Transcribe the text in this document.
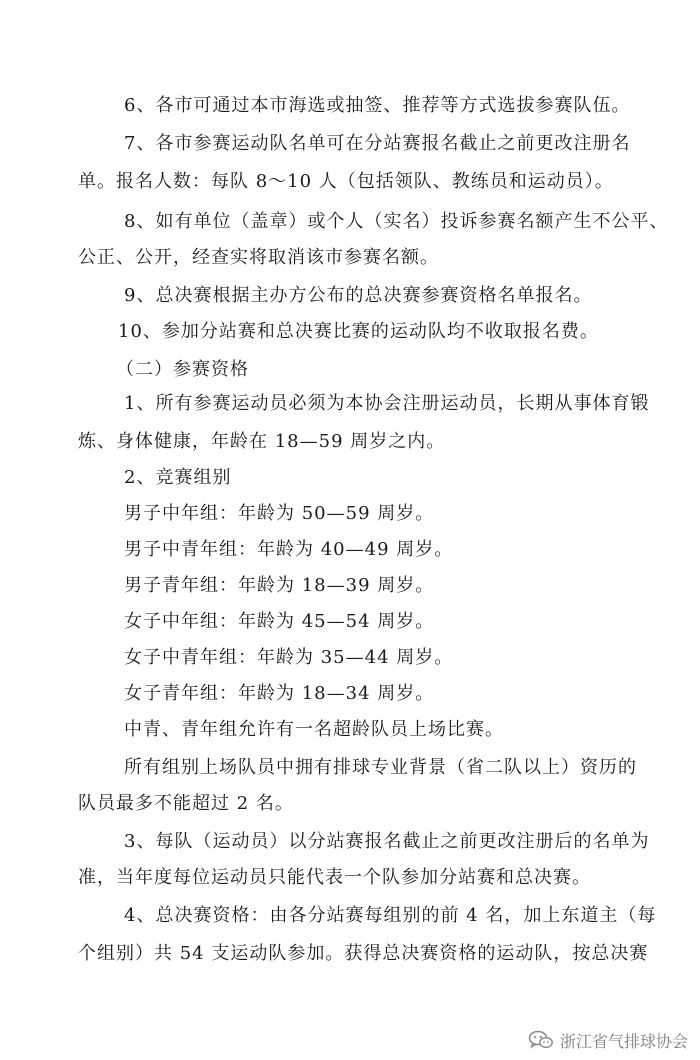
6、各市可通过本市海选或抽签、推荐等方式选拔参赛队伍。
7、各市参赛运动队名单可在分站赛报名截止之前更改注册名
单。报名人数：每队 8～10 人（包括领队、教练员和运动员）。
8、如有单位（盖章）或个人（实名）投诉参赛名额产生不公平、
公正、公开，经查实将取消该市参赛名额。
9、总决赛根据主办方公布的总决赛参赛资格名单报名。
10、参加分站赛和总决赛比赛的运动队均不收取报名费。
（二）参赛资格
1、所有参赛运动员必须为本协会注册运动员，长期从事体育锻
炼、身体健康，年龄在 18—59 周岁之内。
2、竞赛组别
男子中年组：年龄为 50—59 周岁。
男子中青年组：年龄为 40—49 周岁。
男子青年组：年龄为 18—39 周岁。
女子中年组：年龄为 45—54 周岁。
女子中青年组：年龄为 35—44 周岁。
女子青年组：年龄为 18—34 周岁。
中青、青年组允许有一名超龄队员上场比赛。
所有组别上场队员中拥有排球专业背景（省二队以上）资历的
队员最多不能超过 2 名。
3、每队（运动员）以分站赛报名截止之前更改注册后的名单为
准，当年度每位运动员只能代表一个队参加分站赛和总决赛。
4、总决赛资格：由各分站赛每组别的前 4 名，加上东道主（每
个组别）共 54 支运动队参加。获得总决赛资格的运动队，按总决赛
浙江省气排球协会
